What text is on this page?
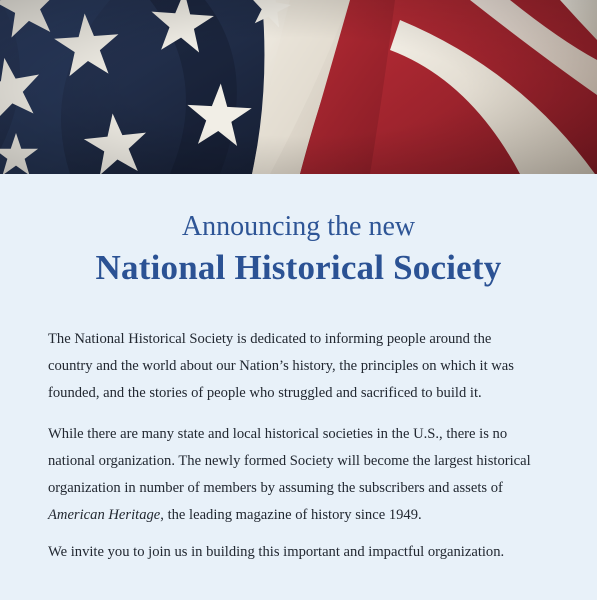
Announcing the new
National Historical Society
The National Historical Society is dedicated to informing people around the
country and the world about our Nation’s history, the principles on which it was
founded, and the stories of people who struggled and sacrificed to build it.
While there are many state and local historical societies in the U.S., there is no
national organization. The newly formed Society will become the largest historical
organization in number of members by assuming the subscribers and assets of
American Heritage, the leading magazine of history since 1949.
We invite you to join us in building this important and impactful organization.
